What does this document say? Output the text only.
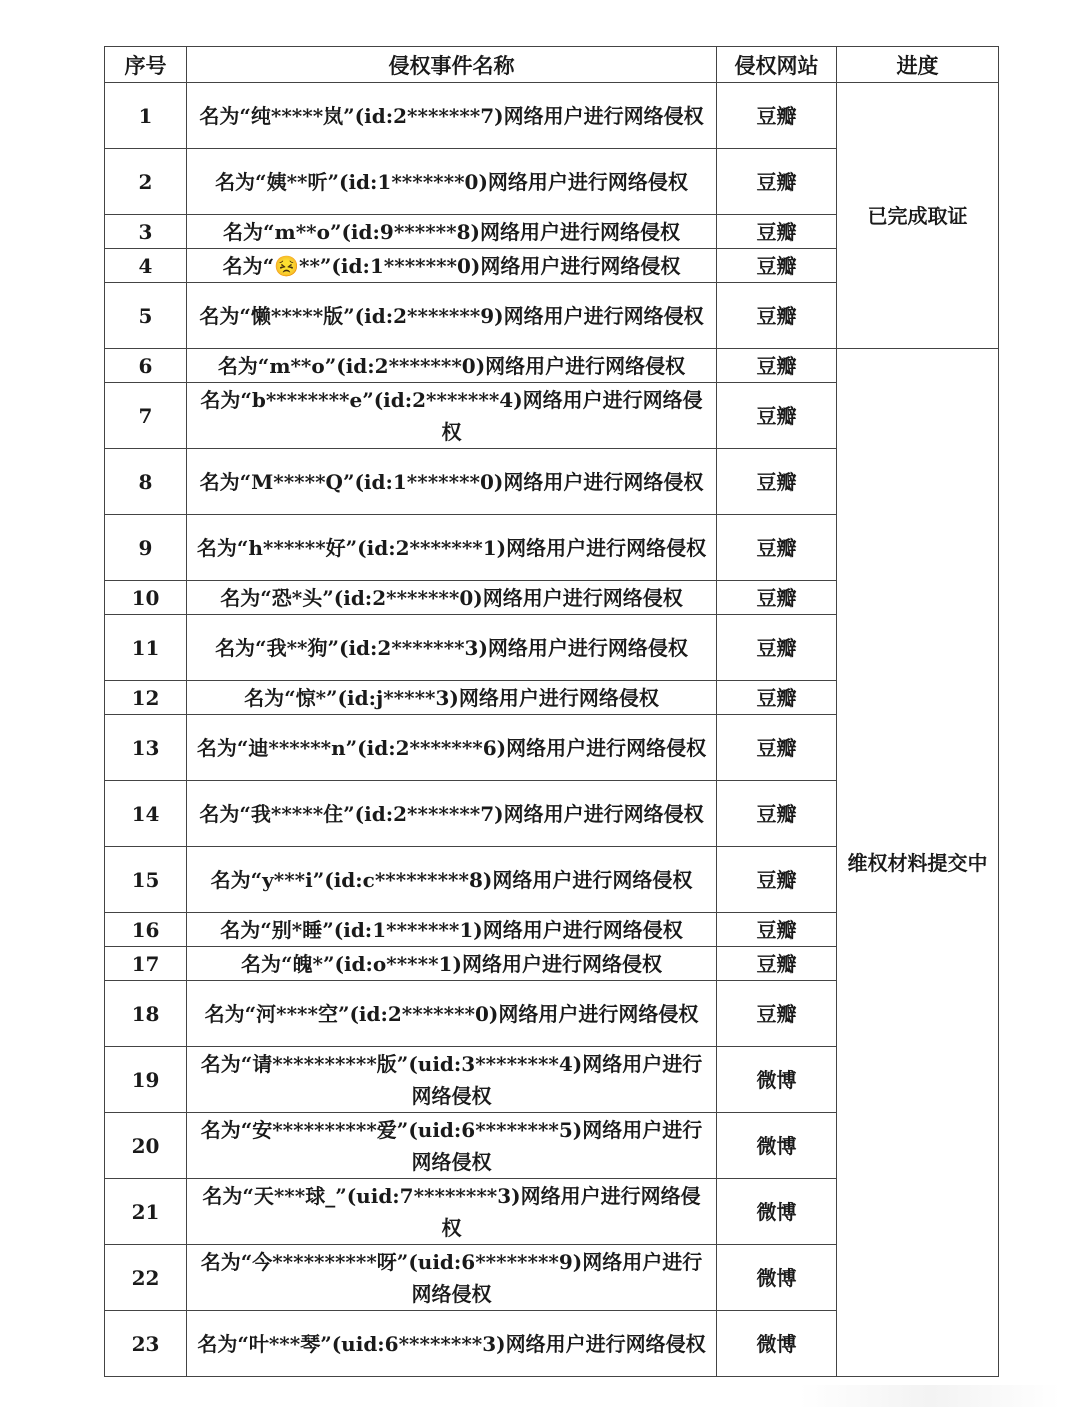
序号	侵权事件名称	侵权网站	进度
1	名为“纯*****岚”(id:2*******7)网络用户进行网络侵权	豆瓣	已完成取证
2	名为“姨**听”(id:1*******0)网络用户进行网络侵权	豆瓣	
3	名为“m**o”(id:9******8)网络用户进行网络侵权	豆瓣	
4	名为“😣**”(id:1*******0)网络用户进行网络侵权	豆瓣	
5	名为“懒*****版”(id:2*******9)网络用户进行网络侵权	豆瓣	
6	名为“m**o”(id:2*******0)网络用户进行网络侵权	豆瓣	维权材料提交中
7	名为“b********e”(id:2*******4)网络用户进行网络侵权	豆瓣	
8	名为“M*****Q”(id:1*******0)网络用户进行网络侵权	豆瓣	
9	名为“h******好”(id:2*******1)网络用户进行网络侵权	豆瓣	
10	名为“恐*头”(id:2*******0)网络用户进行网络侵权	豆瓣	
11	名为“我**狗”(id:2*******3)网络用户进行网络侵权	豆瓣	
12	名为“惊*”(id:j*****3)网络用户进行网络侵权	豆瓣	
13	名为“迪******n”(id:2*******6)网络用户进行网络侵权	豆瓣	
14	名为“我*****住”(id:2*******7)网络用户进行网络侵权	豆瓣	
15	名为“y***i”(id:c*********8)网络用户进行网络侵权	豆瓣	
16	名为“别*睡”(id:1*******1)网络用户进行网络侵权	豆瓣	
17	名为“魄*”(id:o*****1)网络用户进行网络侵权	豆瓣	
18	名为“河****空”(id:2*******0)网络用户进行网络侵权	豆瓣	
19	名为“请**********版”(uid:3********4)网络用户进行网络侵权	微博	
20	名为“安**********爱”(uid:6********5)网络用户进行网络侵权	微博	
21	名为“天***球_”(uid:7********3)网络用户进行网络侵权	微博	
22	名为“今**********呀”(uid:6********9)网络用户进行网络侵权	微博	
23	名为“叶***琴”(uid:6********3)网络用户进行网络侵权	微博	
